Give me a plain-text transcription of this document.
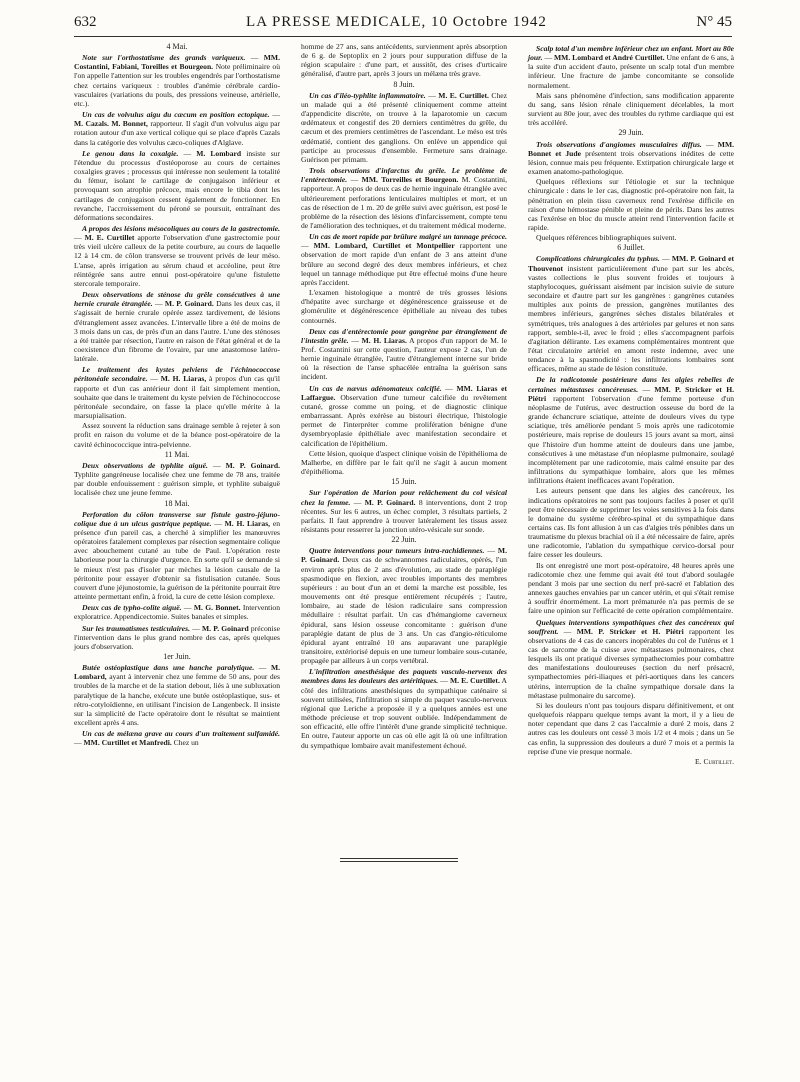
632	LA PRESSE MEDICALE, 10 Octobre 1942	N° 45

4 Mai.

Note sur l'orthostatisme des grands variqueux. — MM. Costantini, Fabiani, Toreilles et Bourgeon. Note préliminaire où l'on appelle l'attention sur les troubles engendrés par l'orthostatisme chez certains variqueux : troubles d'anémie cérébrale cardio-vasculaires (variations du pouls, des pressions veineuse, artérielle, etc.).

Un cas de volvulus aigu du cæcum en position ectopique. — M. Cazals. M. Bonnet, rapporteur. Il s'agit d'un volvulus aigu par rotation autour d'un axe vertical colique qui se place d'après Cazals dans la catégorie des volvulus cæco-coliques d'Alglave.

Le genou dans la coxalgie. — M. Lombard insiste sur l'étendue du processus d'ostéoporose au cours de certaines coxalgies graves ; processus qui intéresse non seulement la totalité du fémur, isolant le cartilage de conjugaison inférieur et provoquant son atrophie précoce, mais encore le tibia dont les cartilages de conjugaison cessent également de fonctionner. En revanche, l'accroissement du péroné se poursuit, entraînant des déformations secondaires.

A propos des lésions mésocoliques au cours de la gastrectomie. — M. E. Curtillet apporte l'observation d'une gastrectomie pour très vieil ulcère calleux de la petite courbure, au cours de laquelle 12 à 14 cm. de côlon transverse se trouvent privés de leur méso. L'anse, après irrigation au sérum chaud et accéoline, peut être réintégrée sans autre ennui post-opératoire qu'une fistulette stercorale temporaire.

Deux observations de sténose du grêle consécutives à une hernie crurale étranglée. — M. P. Goinard. Dans les deux cas, il s'agissait de hernie crurale opérée assez tardivement, de lésions d'étranglement assez avancées. L'intervalle libre a été de moins de 3 mois dans un cas, de près d'un an dans l'autre. L'une des sténoses a été traitée par résection, l'autre en raison de l'état général et de la coexistence d'un fibrome de l'ovaire, par une anastomose latéro-latérale.

Le traitement des kystes pelviens de l'échinococcose péritonéale secondaire. — M. H. Liaras, à propos d'un cas qu'il rapporte et d'un cas antérieur dont il fait simplement mention, souhaite que dans le traitement du kyste pelvien de l'échinococcose péritonéale secondaire, on fasse la place qu'elle mérite à la marsupialisation.

Assez souvent la réduction sans drainage semble à rejeter à son profit en raison du volume et de la béance post-opératoire de la cavité échinococcique intra-pelvienne.

11 Mai.

Deux observations de typhlite aiguë. — M. P. Goinard. Typhlite gangréneuse localisée chez une femme de 78 ans, traitée par double enfouissement : guérison simple, et typhlite subaiguë localisée chez une jeune femme.

18 Mai.

Perforation du côlon transverse sur fistule gastro-jéjuno-colique due à un ulcus gastrique peptique. — M. H. Liaras, en présence d'un pareil cas, a cherché à simplifier les manœuvres opératoires fatalement complexes par résection segmentaire colique avec abouchement cutané au tube de Paul. L'opération reste laborieuse pour la chirurgie d'urgence. En sorte qu'il se demande si le mieux n'est pas d'isoler par mèches la lésion causale de la péritonite pour essayer d'obtenir sa fistulisation cutanée. Sous couvert d'une jéjunostomie, la guérison de la péritonite pourrait être atteinte permettant enfin, à froid, la cure de cette lésion complexe.

Deux cas de typho-colite aiguë. — M. G. Bonnet. Intervention exploratrice. Appendicectomie. Suites banales et simples.

Sur les traumatismes testiculaires. — M. P. Goinard préconise l'intervention dans le plus grand nombre des cas, après quelques jours d'observation.

1er Juin.

Butée ostéoplastique dans une hanche paralytique. — M. Lombard, ayant à intervenir chez une femme de 50 ans, pour des troubles de la marche et de la station debout, liés à une subluxation paralytique de la hanche, exécute une butée ostéoplastique, sus- et rétro-cotyloïdienne, en utilisant l'incision de Langenbeck. Il insiste sur la simplicité de l'acte opératoire dont le résultat se maintient excellent après 4 ans.

Un cas de mélæna grave au cours d'un traitement sulfamidé. — MM. Curtillet et Manfredi. Chez un

homme de 27 ans, sans antécédents, survienment après absorption de 6 g. de Septoplix en 2 jours pour suppuration diffuse de la région scapulaire : d'une part, et aussitôt, des crises d'urticaire généralisé, d'autre part, après 3 jours un mélæna très grave.

8 Juin.

Un cas d'iléo-typhlite inflammatoire. — M. E. Curtillet. Chez un malade qui a été présenté cliniquement comme atteint d'appendicite discrète, on trouve à la laparotomie un cæcum œdémateux et congestif des 20 derniers centimètres du grêle, du cæcum et des premiers centimètres de l'ascendant. Le méso est très œdématié, contient des ganglions. On enlève un appendice qui participe au processus d'ensemble. Fermeture sans drainage. Guérison per primam.

Trois observations d'infarctus du grêle. Le problème de l'entérectomie. — MM. Torreilles et Bourgeon. M. Costantini, rapporteur. A propos de deux cas de hernie inguinale étranglée avec ultérieurement perforations lenticulaires multiples et mort, et un cas de résection de 1 m. 20 de grêle suivi avec guérison, est posé le problème de la résection des lésions d'infarcissement, compte tenu de l'amélioration des techniques, et du traitement médical moderne.

Un cas de mort rapide par brûlure malgré un tannage précoce. — MM. Lombard, Curtillet et Montpellier rapportent une observation de mort rapide d'un enfant de 3 ans atteint d'une brûlure au second degré des deux membres inférieurs, et chez lequel un tannage méthodique put être effectué moins d'une heure après l'accident.

L'examen histologique a montré de très grosses lésions d'hépatite avec surcharge et dégénérescence graisseuse et de glomérulite et dégénérescence épithéliale au niveau des tubes contournés.

Deux cas d'entérectomie pour gangrène par étranglement de l'intestin grêle. — M. H. Liaras. A propos d'un rapport de M. le Prof. Costantini sur cette question, l'auteur expose 2 cas, l'un de hernie inguinale étranglée, l'autre d'étranglement interne sur bride où la résection de l'anse sphacélée entraîna la guérison sans incident.

Un cas de nævus adénomateux calcifié. — MM. Liaras et Laffargue. Observation d'une tumeur calcifiée du revêtement cutané, grosse comme un poing, et de diagnostic clinique embarrassant. Après exérèse au bistouri électrique, l'histologie permet de l'interpréter comme prolifération bénigne d'une dysembryoplasie épithéliale avec manifestation secondaire et calcification de l'épithélium.

Cette lésion, quoique d'aspect clinique voisin de l'épithélioma de Malherbe, en diffère par le fait qu'il ne s'agit à aucun moment d'épithélioma.

15 Juin.

Sur l'opération de Marion pour relâchement du col vésical chez la femme. — M. P. Goinard. 8 interventions, dont 2 trop récentes. Sur les 6 autres, un échec complet, 3 résultats partiels, 2 parfaits. Il faut apprendre à trouver latéralement les tissus assez résistants pour resserrer la jonction utéro-vésicale sur sonde.

22 Juin.

Quatre interventions pour tumeurs intra-rachidiennes. — M. P. Goinard. Deux cas de schwannomes radiculaires, opérés, l'un environ après plus de 2 ans d'évolution, au stade de paraplégie spasmodique en flexion, avec troubles importants des membres supérieurs : au bout d'un an et demi la marche est possible, les mouvements ont été presque entièrement récupérés ; l'autre, lombaire, au stade de lésion radiculaire sans compression médullaire : résultat parfait. Un cas d'hémangiome caverneux épidural, sans lésion osseuse concomitante : guérison d'une paraplégie datant de plus de 3 ans. Un cas d'angio-réticulome épidural ayant entraîné 10 ans auparavant une paraplégie transitoire, extériorisé depuis en une tumeur lombaire sous-cutanée, propagée par ailleurs à un corps vertébral.

L'infiltration anesthésique des paquets vasculo-nerveux des membres dans les douleurs des artéritiques. — M. E. Curtillet. A côté des infiltrations anesthésiques du sympathique caténaire si souvent utilisées, l'infiltration si simple du paquet vasculo-nerveux régional que Leriche a proposée il y a quelques années est une méthode précieuse et trop souvent oubliée. Indépendamment de son efficacité, elle offre l'intérêt d'une grande simplicité technique. En outre, l'auteur apporte un cas où elle agit là où une infiltration du sympathique lombaire avait manifestement échoué.

Scalp total d'un membre inférieur chez un enfant. Mort au 80e jour. — MM. Lombard et André Curtillet. Une enfant de 6 ans, à la suite d'un accident d'auto, présente un scalp total d'un membre inférieur. Une fracture de jambe concomitante se consolide normalement.

Mais sans phénomène d'infection, sans modification apparente du sang, sans lésion rénale cliniquement décelables, la mort survient au 80e jour, avec des troubles du rythme cardiaque qui est très accéléré.

29 Juin.

Trois observations d'angiomes musculaires diffus. — MM. Bonnet et Jude présentent trois observations inédites de cette lésion, connue mais peu fréquente. Extirpation chirurgicale large et examen anatomo-pathologique.

Quelques réflexions sur l'étiologie et sur la technique chirurgicale : dans le 1er cas, diagnostic pré-opératoire non fait, la pénétration en plein tissu caverneux rend l'exérèse difficile en raison d'une hémostase pénible et pleine de périls. Dans les autres cas l'exérèse en bloc du muscle atteint rend l'intervention facile et rapide.

Quelques références bibliographiques suivent.

6 Juillet.

Complications chirurgicales du typhus. — MM. P. Goinard et Thouvenot insistent particulièrement d'une part sur les abcès, vastes collections le plus souvent froides et toujours à staphylocoques, guérissant aisément par incision suivie de suture secondaire et d'autre part sur les gangrènes : gangrènes cutanées multiples aux points de pression, gangrènes mutilantes des membres inférieurs, gangrènes sèches distales bilatérales et symétriques, très analogues à des artérioles par gelures et non sans rapport, semble-t-il, avec le froid ; elles s'accompagnent parfois d'agitation délirante. Les examens complémentaires montrent que l'état circulatoire artériel en amont reste indemne, avec une tendance à la spasmodicité : les infiltrations lombaires sont efficaces, même au stade de lésion constituée.

De la radicotomie postérieure dans les algies rebelles de certaines métastases cancéreuses. — MM. P. Stricker et H. Piétri rapportent l'observation d'une femme porteuse d'un néoplasme de l'utérus, avec destruction osseuse du bord de la grande échancrure sciatique, atteinte de douleurs vives du type sciatique, très améliorée pendant 5 mois après une radicotomie postérieure, mais reprise de douleurs 15 jours avant sa mort, ainsi que l'histoire d'un homme atteint de douleurs dans une jambe, consécutives à une métastase d'un néoplasme pulmonaire, soulagé incomplètement par une radicotomie, mais calmé ensuite par des infiltrations du sympathique lombaire, alors que les mêmes infiltrations étaient inefficaces avant l'opération.

Les auteurs pensent que dans les algies des cancéreux, les indications opératoires ne sont pas toujours faciles à poser et qu'il peut être nécessaire de supprimer les voies sensitives à la fois dans le domaine du système cérébro-spinal et du sympathique dans certains cas. Ils font allusion à un cas d'algies très pénibles dans un traumatisme du plexus brachial où il a été nécessaire de faire, après une radicotomie, l'ablation du sympathique cervico-dorsal pour faire cesser les douleurs.

Ils ont enregistré une mort post-opératoire, 48 heures après une radicotomie chez une femme qui avait été tout d'abord soulagée pendant 3 mois par une section du nerf pré-sacré et l'ablation des annexes gauches envahies par un cancer utérin, et qui s'était remise à souffrir énormément. La mort prématurée n'a pas permis de se faire une opinion sur l'efficacité de cette opération complémentaire.

Quelques interventions sympathiques chez des cancéreux qui souffrent. — MM. P. Stricker et H. Piétri rapportent les observations de 4 cas de cancers inopérables du col de l'utérus et 1 cas de sarcome de la cuisse avec métastases pulmonaires, chez lesquels ils ont pratiqué diverses sympathectomies pour combattre des manifestations douloureuses (section du nerf présacré, sympathectomies péri-iliaques et péri-aortiques dans les cancers utérins, interruption de la chaîne sympathique dorsale dans la métastase pulmonaire du sarcome).

Si les douleurs n'ont pas toujours disparu définitivement, et ont quelquefois réapparu quelque temps avant la mort, il y a lieu de noter cependant que dans 2 cas l'accalmie a duré 2 mois, dans 2 autres cas les douleurs ont cessé 3 mois 1/2 et 4 mois ; dans un 5e cas enfin, la suppression des douleurs a duré 7 mois et a permis la reprise d'une vie presque normale.

E. Curtillet.
